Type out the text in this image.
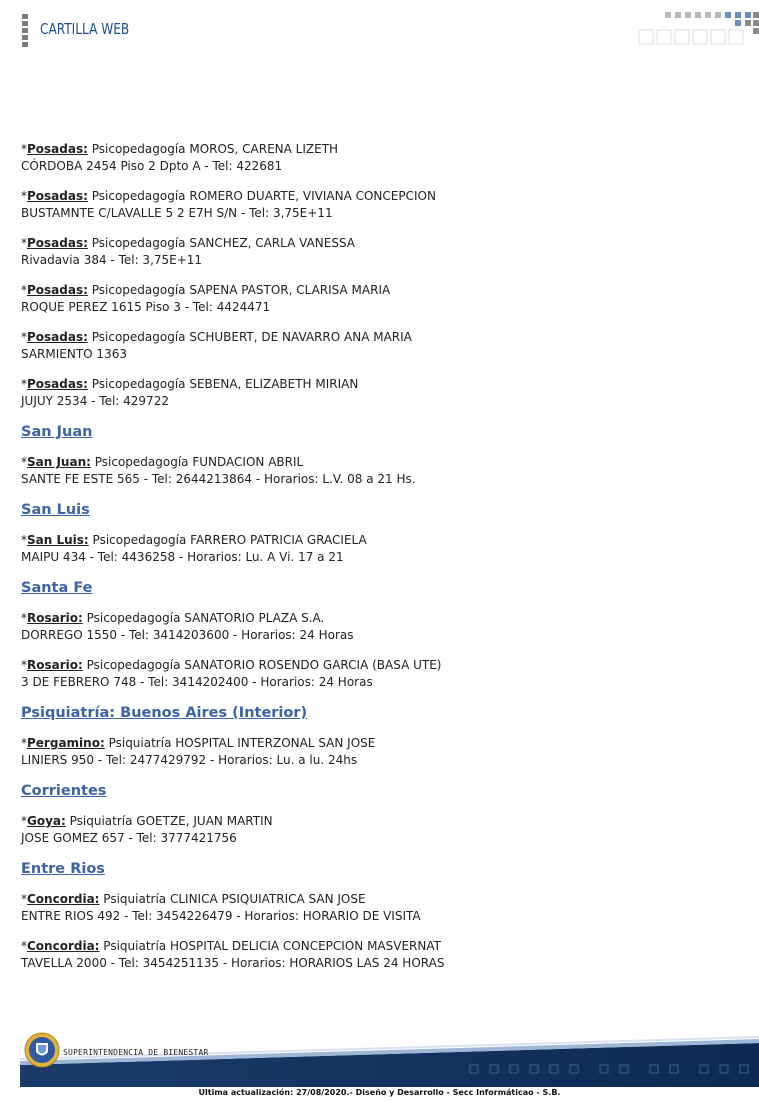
CARTILLA WEB
*Posadas: Psicopedagogía MOROS, CARENA LIZETH
CÓRDOBA 2454 Piso 2 Dpto A - Tel: 422681
*Posadas: Psicopedagogía ROMERO DUARTE, VIVIANA CONCEPCION
BUSTAMNTE C/LAVALLE 5 2 E7H S/N - Tel: 3,75E+11
*Posadas: Psicopedagogía SANCHEZ, CARLA VANESSA
Rivadavia 384 - Tel: 3,75E+11
*Posadas: Psicopedagogía SAPENA PASTOR, CLARISA MARIA
ROQUE PEREZ 1615 Piso 3 - Tel: 4424471
*Posadas: Psicopedagogía SCHUBERT, DE NAVARRO ANA MARIA
SARMIENTO 1363
*Posadas: Psicopedagogía SEBENA, ELIZABETH MIRIAN
JUJUY 2534 - Tel: 429722
San Juan
*San Juan: Psicopedagogía FUNDACION ABRIL
SANTE FE ESTE 565 - Tel: 2644213864 - Horarios: L.V. 08 a 21 Hs.
San Luis
*San Luis: Psicopedagogía FARRERO PATRICIA GRACIELA
MAIPU 434 - Tel: 4436258 - Horarios: Lu. A Vi. 17 a 21
Santa Fe
*Rosario: Psicopedagogía SANATORIO PLAZA S.A.
DORREGO 1550 - Tel: 3414203600 - Horarios: 24 Horas
*Rosario: Psicopedagogía SANATORIO ROSENDO GARCIA (BASA UTE)
3 DE FEBRERO 748 - Tel: 3414202400 - Horarios: 24 Horas
Psiquiatría: Buenos Aires (Interior)
*Pergamino: Psiquiatría HOSPITAL INTERZONAL SAN JOSE
LINIERS 950 - Tel: 2477429792 - Horarios: Lu. a lu. 24hs
Corrientes
*Goya: Psiquiatría GOETZE, JUAN MARTIN
JOSE GOMEZ 657 - Tel: 3777421756
Entre Rios
*Concordia: Psiquiatría CLINICA PSIQUIATRICA SAN JOSE
ENTRE RIOS 492 - Tel: 3454226479 - Horarios: HORARIO DE VISITA
*Concordia: Psiquiatría HOSPITAL DELICIA CONCEPCION MASVERNAT
TAVELLA 2000 - Tel: 3454251135 - Horarios: HORARIOS LAS 24 HORAS
SUPERINTENDENCIA DE BIENESTAR
Ultima actualización: 27/08/2020.- Diseño y Desarrollo - Secc Informáticao - S.B.
